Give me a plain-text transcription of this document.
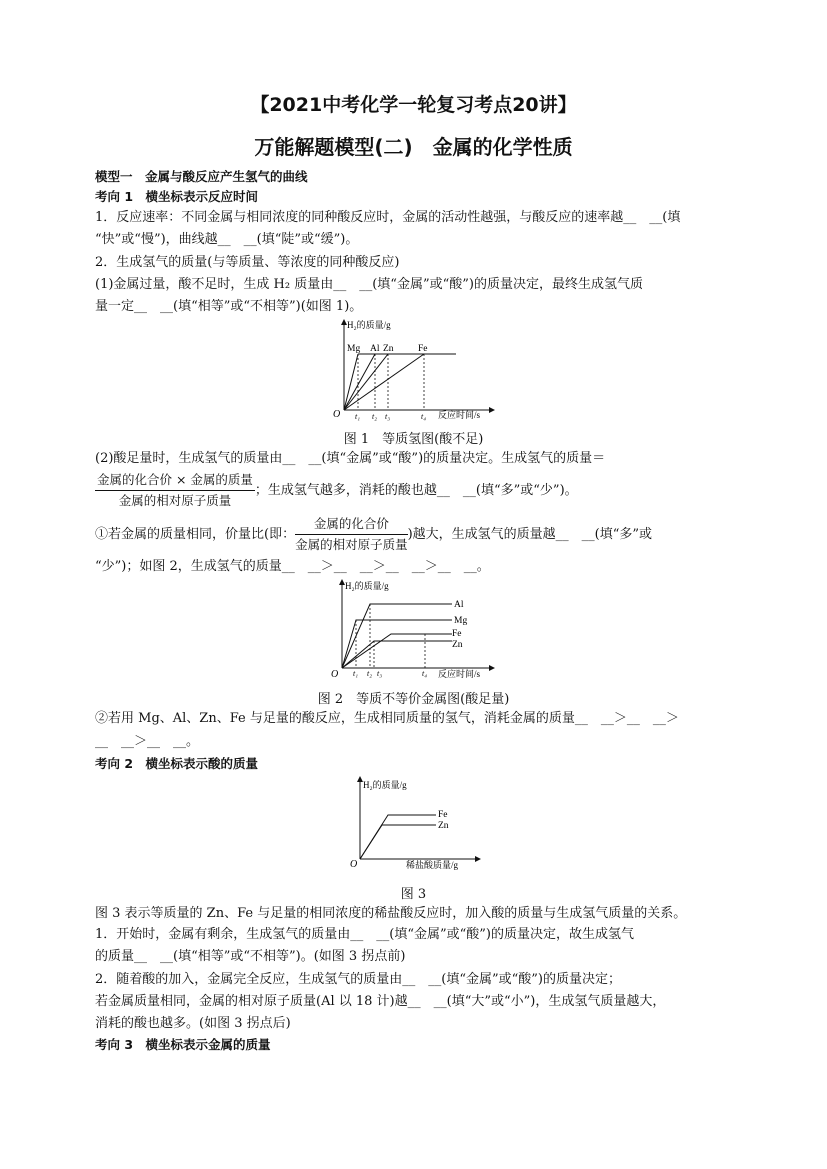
【2021中考化学一轮复习考点20讲】
万能解题模型(二)　金属的化学性质
模型一　金属与酸反应产生氢气的曲线
考向 1　横坐标表示反应时间
1．反应速率：不同金属与相同浓度的同种酸反应时，金属的活动性越强，与酸反应的速率越__　__(填
“快”或“慢”)，曲线越__　__(填“陡”或“缓”)。
2．生成氢气的质量(与等质量、等浓度的同种酸反应)
(1)金属过量，酸不足时，生成 H₂ 质量由__　__(填“金属”或“酸”)的质量决定，最终生成氢气质
量一定__　__(填“相等”或“不相等”)(如图 1)。
H₂的质量/g
O	反应时间/s
Mg Al Zn	Fe
t₁ t₂ t₃	t₄
图 1　等质氢图(酸不足)
(2)酸足量时，生成氢气的质量由__　__(填“金属”或“酸”)的质量决定。生成氢气的质量＝
$\frac{\text{金属的化合价 × 金属的质量}}{\text{金属的相对原子质量}}$ ；生成氢气越多，消耗的酸也越__　__(填“多”或“少”)。
①若金属的质量相同，价量比(即： $\frac{\text{金属的化合价}}{\text{金属的相对原子质量}}$ )越大，生成氢气的质量越__　__(填“多”或
“少”)；如图 2，生成氢气的质量__　__＞__　__＞__　__＞__　__。
H₂的质量/g
O	反应时间/s
Al
Mg
Fe
Zn
t₁ t₂ t₃	t₄
图 2　等质不等价金属图(酸足量)
②若用 Mg、Al、Zn、Fe 与足量的酸反应，生成相同质量的氢气，消耗金属的质量__　__＞__　__＞
__　__＞__　__。
考向 2　横坐标表示酸的质量
H₂的质量/g
O	稀盐酸质量/g
Fe
Zn
图 3
图 3 表示等质量的 Zn、Fe 与足量的相同浓度的稀盐酸反应时，加入酸的质量与生成氢气质量的关系。
1．开始时，金属有剩余，生成氢气的质量由__　__(填“金属”或“酸”)的质量决定，故生成氢气
的质量__　__(填“相等”或“不相等”)。(如图 3 拐点前)
2．随着酸的加入，金属完全反应，生成氢气的质量由__　__(填“金属”或“酸”)的质量决定；
若金属质量相同，金属的相对原子质量(Al 以 18 计)越__　__(填“大”或“小”)，生成氢气质量越大，
消耗的酸也越多。(如图 3 拐点后)
考向 3　横坐标表示金属的质量
